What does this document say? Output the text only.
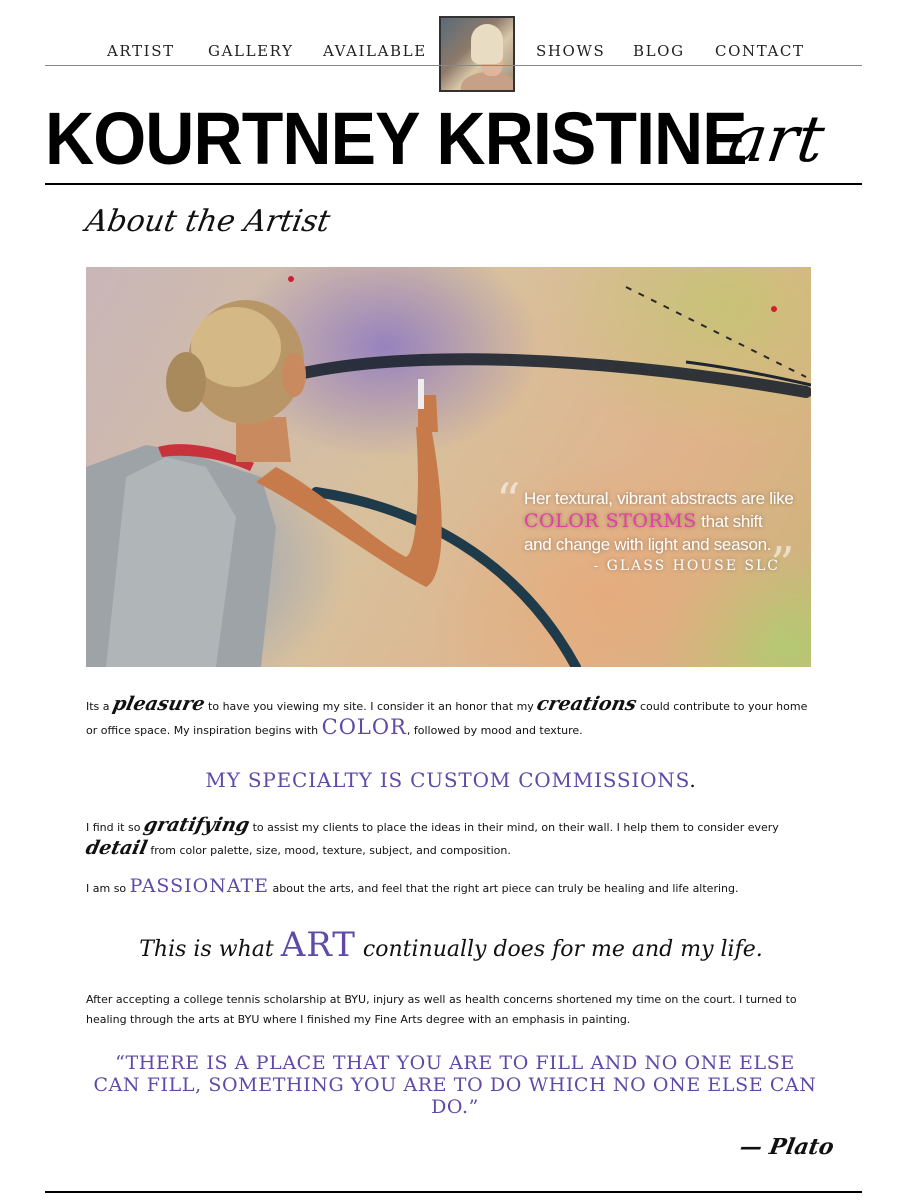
ARTIST GALLERY AVAILABLE	SHOWS BLOG CONTACT
KOURTNEY KRISTINE
art
About the Artist
“ Her textural, vibrant abstracts are like
COLOR STORMS that shift
and change with light and season.
”
- GLASS HOUSE SLC
Its a pleasure to have you viewing my site. I consider it an honor that my creations could contribute to your home or office space. My inspiration begins with COLOR, followed by mood and texture.
MY SPECIALTY IS CUSTOM COMMISSIONS.
I find it so gratifying to assist my clients to place the ideas in their mind, on their wall. I help them to consider every detail from color palette, size, mood, texture, subject, and composition.
I am so PASSIONATE about the arts, and feel that the right art piece can truly be healing and life altering.
This is what ART continually does for me and my life.
After accepting a college tennis scholarship at BYU, injury as well as health concerns shortened my time on the court. I turned to healing through the arts at BYU where I finished my Fine Arts degree with an emphasis in painting.
“THERE IS A PLACE THAT YOU ARE TO FILL AND NO ONE ELSE CAN FILL, SOMETHING YOU ARE TO DO WHICH NO ONE ELSE CAN DO.”
— Plato
